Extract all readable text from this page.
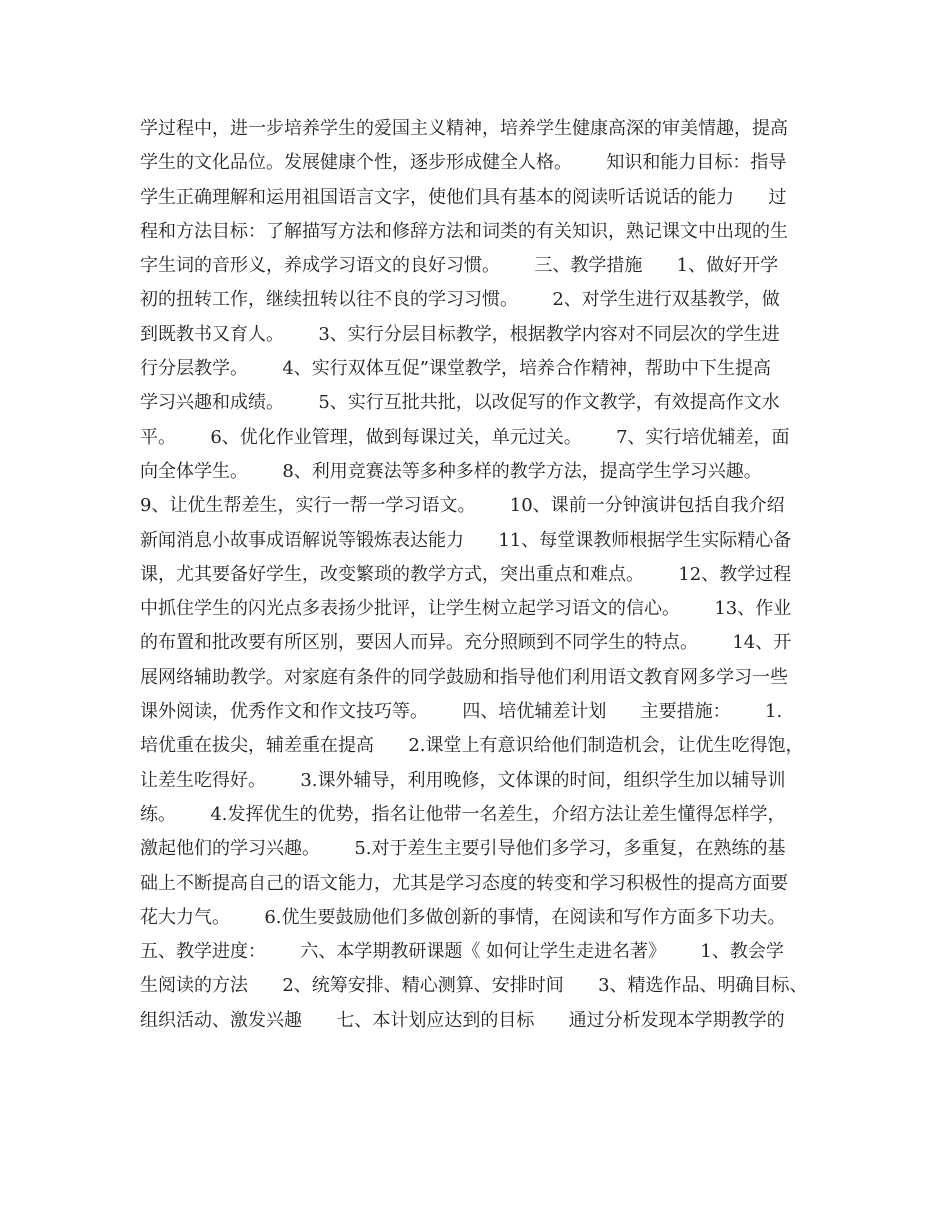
学过程中，进一步培养学生的爱国主义精神，培养学生健康高深的审美情趣，提高
学生的文化品位。发展健康个性，逐步形成健全人格。      知识和能力目标：指导
学生正确理解和运用祖国语言文字，使他们具有基本的阅读听话说话的能力      过
程和方法目标：了解描写方法和修辞方法和词类的有关知识，熟记课文中出现的生
字生词的音形义，养成学习语文的良好习惯。      三、教学措施      1、做好开学
初的扭转工作，继续扭转以往不良的学习习惯。      2、对学生进行双基教学，做
到既教书又育人。      3、实行分层目标教学，根据教学内容对不同层次的学生进
行分层教学。      4、实行双体互促”课堂教学，培养合作精神，帮助中下生提高
学习兴趣和成绩。      5、实行互批共批，以改促写的作文教学，有效提高作文水
平。      6、优化作业管理，做到每课过关，单元过关。      7、实行培优辅差，面
向全体学生。      8、利用竞赛法等多种多样的教学方法，提高学生学习兴趣。
9、让优生帮差生，实行一帮一学习语文。      10、课前一分钟演讲包括自我介绍
新闻消息小故事成语解说等锻炼表达能力      11、每堂课教师根据学生实际精心备
课，尤其要备好学生，改变繁琐的教学方式，突出重点和难点。      12、教学过程
中抓住学生的闪光点多表扬少批评，让学生树立起学习语文的信心。      13、作业
的布置和批改要有所区别，要因人而异。充分照顾到不同学生的特点。      14、开
展网络辅助教学。对家庭有条件的同学鼓励和指导他们利用语文教育网多学习一些
课外阅读，优秀作文和作文技巧等。      四、培优辅差计划      主要措施：      1.
培优重在拔尖，辅差重在提高      2.课堂上有意识给他们制造机会，让优生吃得饱，
让差生吃得好。      3.课外辅导，利用晚修，文体课的时间，组织学生加以辅导训
练。      4.发挥优生的优势，指名让他带一名差生，介绍方法让差生懂得怎样学，
激起他们的学习兴趣。      5.对于差生主要引导他们多学习，多重复，在熟练的基
础上不断提高自己的语文能力，尤其是学习态度的转变和学习积极性的提高方面要
花大力气。      6.优生要鼓励他们多做创新的事情，在阅读和写作方面多下功夫。
五、教学进度：      六、本学期教研课题《 如何让学生走进名著》      1、教会学
生阅读的方法      2、统筹安排、精心测算、安排时间      3、精选作品、明确目标、
组织活动、激发兴趣      七、本计划应达到的目标      通过分析发现本学期教学的
